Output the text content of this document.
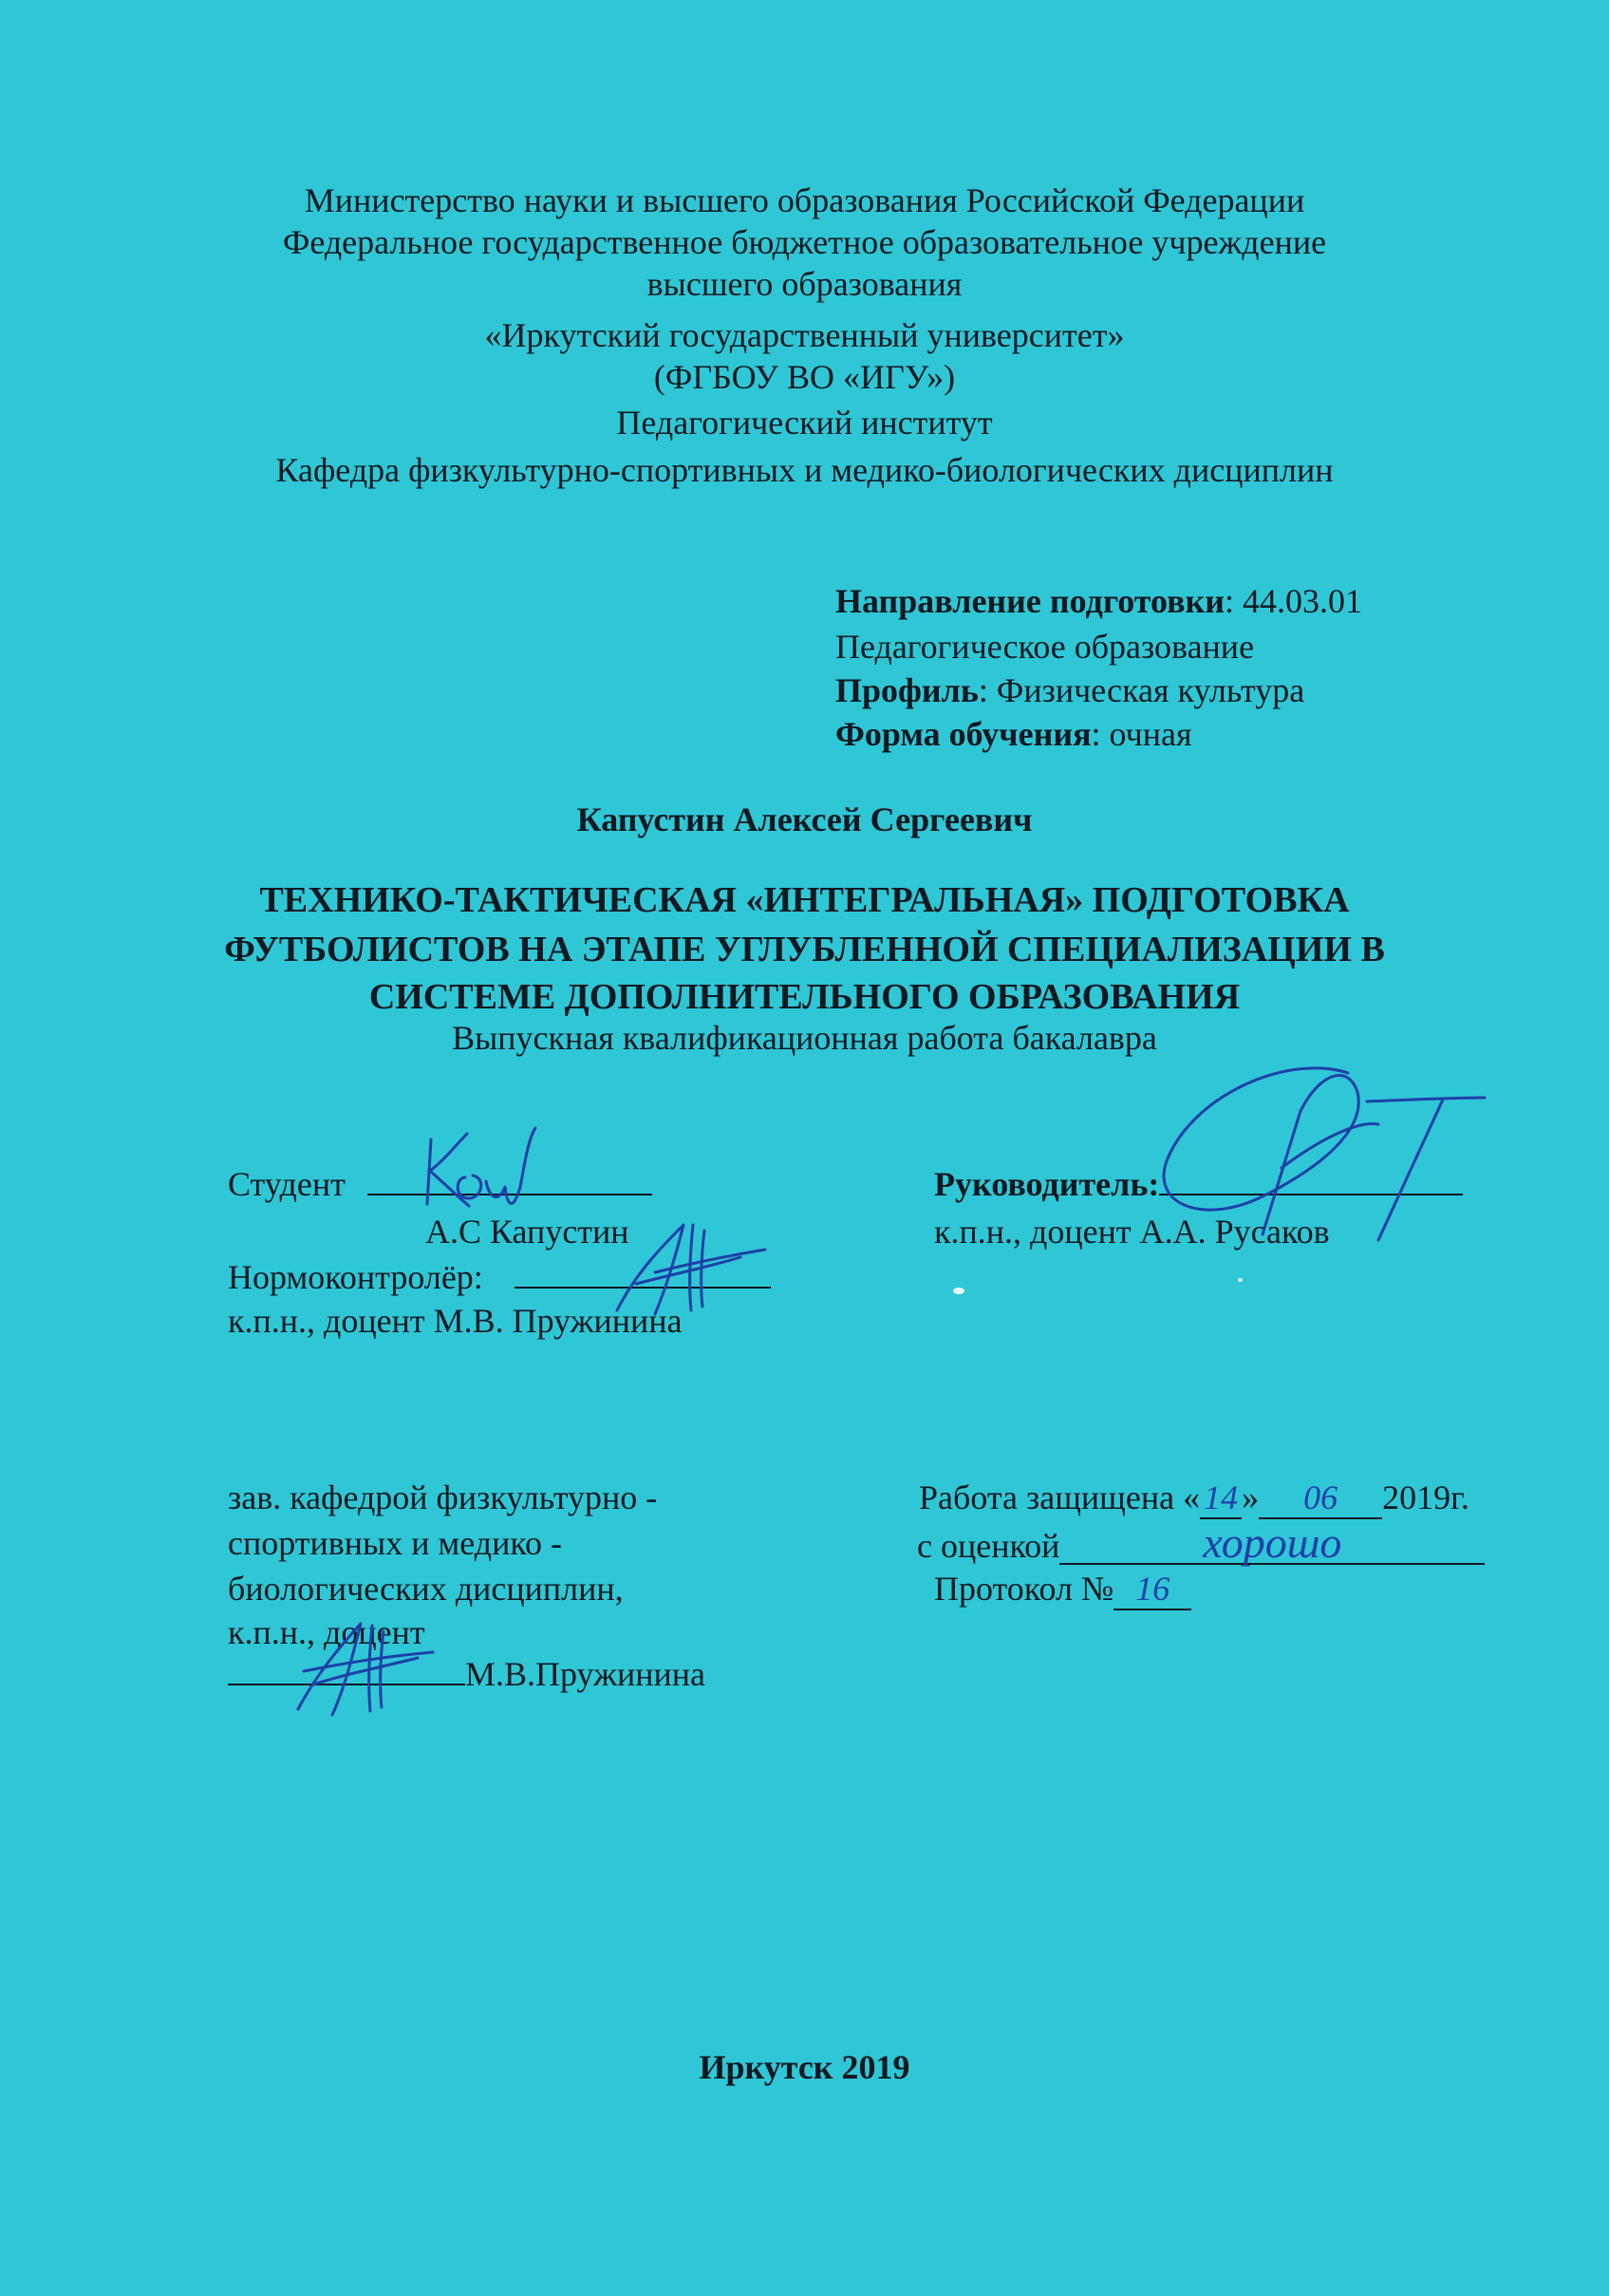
Министерство науки и высшего образования Российской Федерации
Федеральное государственное бюджетное образовательное учреждение
высшего образования
«Иркутский государственный университет»
(ФГБОУ ВО «ИГУ»)
Педагогический институт
Кафедра физкультурно-спортивных и медико-биологических дисциплин
Направление подготовки: 44.03.01
Педагогическое образование
Профиль: Физическая культура
Форма обучения: очная
Капустин Алексей Сергеевич
ТЕХНИКО-ТАКТИЧЕСКАЯ «ИНТЕГРАЛЬНАЯ» ПОДГОТОВКА
ФУТБОЛИСТОВ НА ЭТАПЕ УГЛУБЛЕННОЙ СПЕЦИАЛИЗАЦИИ В
СИСТЕМЕ ДОПОЛНИТЕЛЬНОГО ОБРАЗОВАНИЯ
Выпускная квалификационная работа бакалавра
Студент
А.С Капустин
Руководитель:
к.п.н., доцент А.А. Русаков
Нормоконтролёр:
к.п.н., доцент М.В. Пружинина
зав. кафедрой физкультурно -
спортивных и медико -
биологических дисциплин,
к.п.н., доцент
М.В.Пружинина
Работа защищена « 14 » 06 2019г.
с оценкой	хорошо
Протокол № 16
Иркутск 2019
